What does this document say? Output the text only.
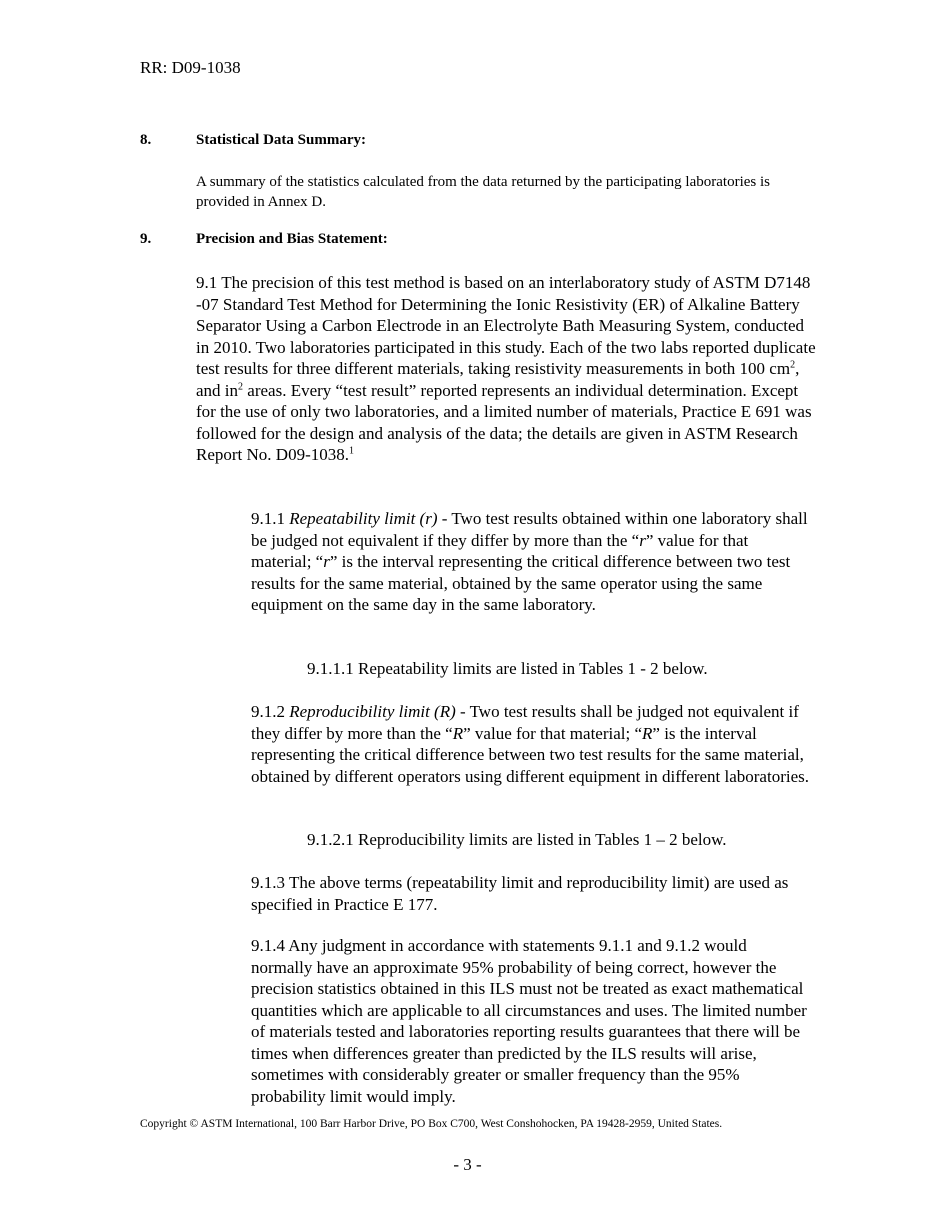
RR: D09-1038
8.	Statistical Data Summary:

A summary of the statistics calculated from the data returned by the participating laboratories is provided in Annex D.

9.	Precision and Bias Statement:

9.1 The precision of this test method is based on an interlaboratory study of ASTM D7148 -07 Standard Test Method for Determining the Ionic Resistivity (ER) of Alkaline Battery Separator Using a Carbon Electrode in an Electrolyte Bath Measuring System, conducted in 2010. Two laboratories participated in this study. Each of the two labs reported duplicate test results for three different materials, taking resistivity measurements in both 100 $cm^2$, and $in^2$ areas. Every “test result” reported represents an individual determination. Except for the use of only two laboratories, and a limited number of materials, Practice E 691 was followed for the design and analysis of the data; the details are given in ASTM Research Report No. D09-1038.$^1$

9.1.1 Repeatability limit (r) - Two test results obtained within one laboratory shall be judged not equivalent if they differ by more than the “r” value for that material; “r” is the interval representing the critical difference between two test results for the same material, obtained by the same operator using the same equipment on the same day in the same laboratory.

9.1.1.1 Repeatability limits are listed in Tables 1 - 2 below.

9.1.2 Reproducibility limit (R) - Two test results shall be judged not equivalent if they differ by more than the “R” value for that material; “R” is the interval representing the critical difference between two test results for the same material, obtained by different operators using different equipment in different laboratories.

9.1.2.1 Reproducibility limits are listed in Tables 1 – 2 below.

9.1.3 The above terms (repeatability limit and reproducibility limit) are used as specified in Practice E 177.

9.1.4 Any judgment in accordance with statements 9.1.1 and 9.1.2 would normally have an approximate 95% probability of being correct, however the precision statistics obtained in this ILS must not be treated as exact mathematical quantities which are applicable to all circumstances and uses. The limited number of materials tested and laboratories reporting results guarantees that there will be times when differences greater than predicted by the ILS results will arise, sometimes with considerably greater or smaller frequency than the 95% probability limit would imply.

Copyright © ASTM International, 100 Barr Harbor Drive, PO Box C700, West Conshohocken, PA 19428-2959, United States.
- 3 -
